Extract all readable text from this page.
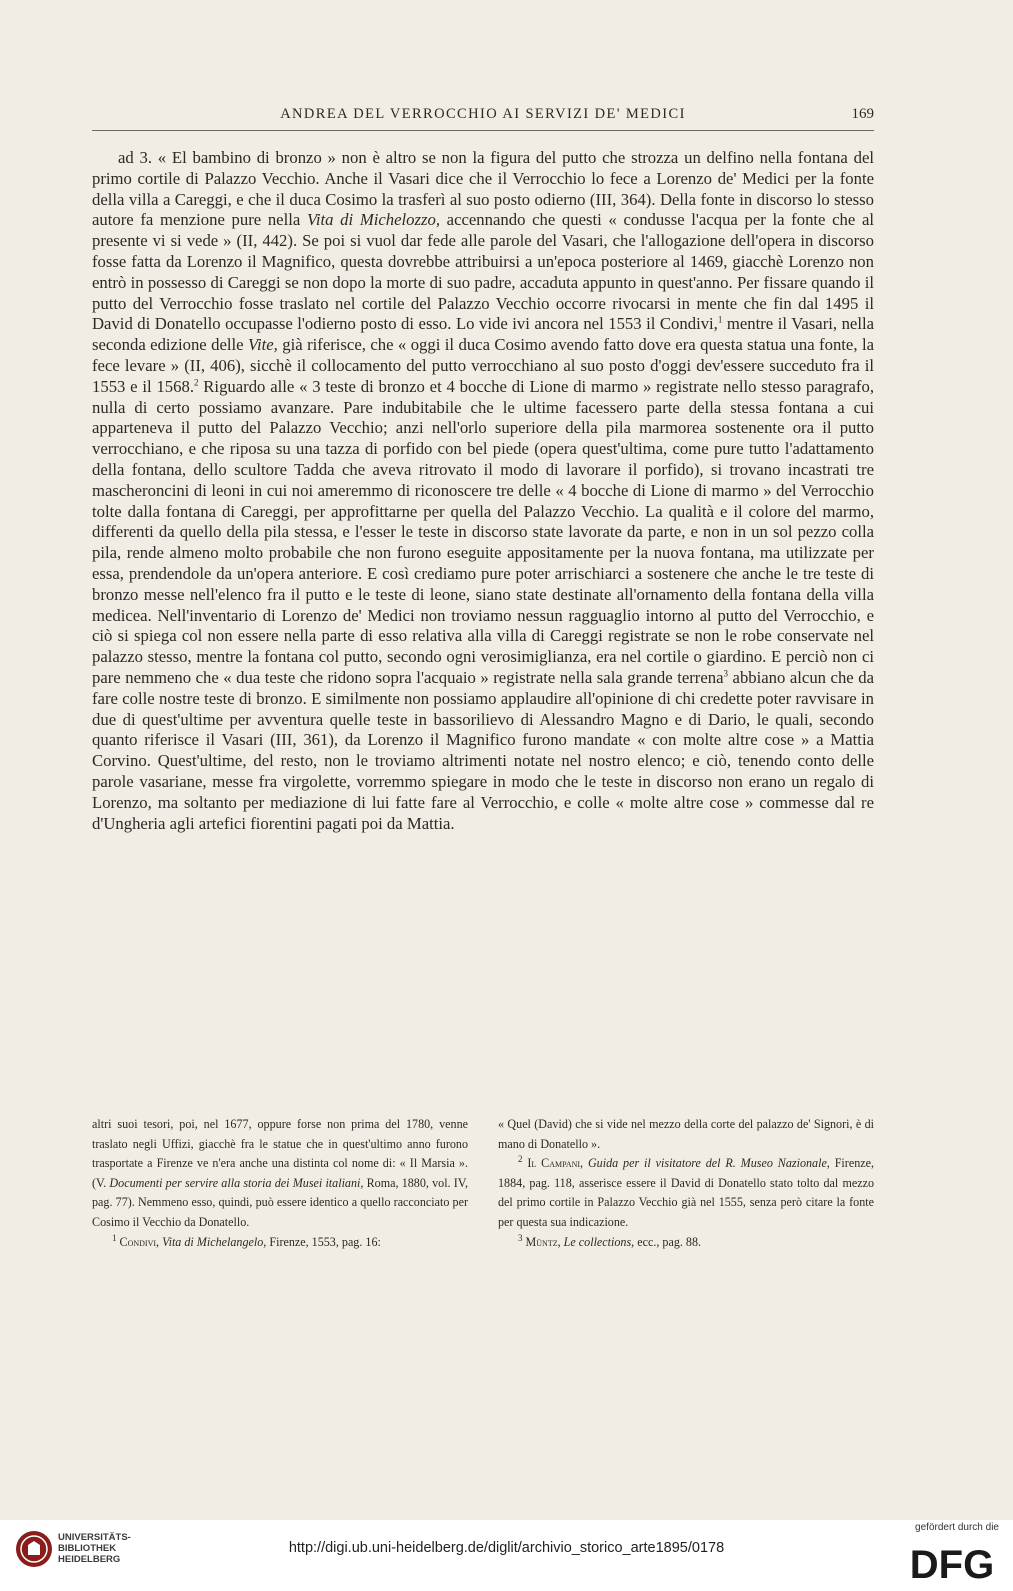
ANDREA DEL VERROCCHIO AI SERVIZI DE' MEDICI	169

ad 3. « El bambino di bronzo » non è altro se non la figura del putto che strozza un delfino nella fontana del primo cortile di Palazzo Vecchio. Anche il Vasari dice che il Verrocchio lo fece a Lorenzo de' Medici per la fonte della villa a Careggi, e che il duca Cosimo la trasferì al suo posto odierno (III, 364). Della fonte in discorso lo stesso autore fa menzione pure nella Vita di Michelozzo, accennando che questi « condusse l'acqua per la fonte che al presente vi si vede » (II, 442). Se poi si vuol dar fede alle parole del Vasari, che l'allogazione dell'opera in discorso fosse fatta da Lorenzo il Magnifico, questa dovrebbe attribuirsi a un'epoca posteriore al 1469, giacchè Lorenzo non entrò in possesso di Careggi se non dopo la morte di suo padre, accaduta appunto in quest'anno. Per fissare quando il putto del Verrocchio fosse traslato nel cortile del Palazzo Vecchio occorre rivocarsi in mente che fin dal 1495 il David di Donatello occupasse l'odierno posto di esso. Lo vide ivi ancora nel 1553 il Condivi,$^1$ mentre il Vasari, nella seconda edizione delle Vite, già riferisce, che « oggi il duca Cosimo avendo fatto dove era questa statua una fonte, la fece levare » (II, 406), sicchè il collocamento del putto verrocchiano al suo posto d'oggi dev'essere succeduto fra il 1553 e il 1568.$^2$ Riguardo alle « 3 teste di bronzo et 4 bocche di Lione di marmo » registrate nello stesso paragrafo, nulla di certo possiamo avanzare. Pare indubitabile che le ultime facessero parte della stessa fontana a cui apparteneva il putto del Palazzo Vecchio; anzi nell'orlo superiore della pila marmorea sostenente ora il putto verrocchiano, e che riposa su una tazza di porfido con bel piede (opera quest'ultima, come pure tutto l'adattamento della fontana, dello scultore Tadda che aveva ritrovato il modo di lavorare il porfido), si trovano incastrati tre mascheroncini di leoni in cui noi ameremmo di riconoscere tre delle « 4 bocche di Lione di marmo » del Verrocchio tolte dalla fontana di Careggi, per approfittarne per quella del Palazzo Vecchio. La qualità e il colore del marmo, differenti da quello della pila stessa, e l'esser le teste in discorso state lavorate da parte, e non in un sol pezzo colla pila, rende almeno molto probabile che non furono eseguite appositamente per la nuova fontana, ma utilizzate per essa, prendendole da un'opera anteriore. E così crediamo pure poter arrischiarci a sostenere che anche le tre teste di bronzo messe nell'elenco fra il putto e le teste di leone, siano state destinate all'ornamento della fontana della villa medicea. Nell'inventario di Lorenzo de' Medici non troviamo nessun ragguaglio intorno al putto del Verrocchio, e ciò si spiega col non essere nella parte di esso relativa alla villa di Careggi registrate se non le robe conservate nel palazzo stesso, mentre la fontana col putto, secondo ogni verosimiglianza, era nel cortile o giardino. E perciò non ci pare nemmeno che « dua teste che ridono sopra l'acquaio » registrate nella sala grande terrena$^3$ abbiano alcun che da fare colle nostre teste di bronzo. E similmente non possiamo applaudire all'opinione di chi credette poter ravvisare in due di quest'ultime per avventura quelle teste in bassorilievo di Alessandro Magno e di Dario, le quali, secondo quanto riferisce il Vasari (III, 361), da Lorenzo il Magnifico furono mandate « con molte altre cose » a Mattia Corvino. Quest'ultime, del resto, non le troviamo altrimenti notate nel nostro elenco; e ciò, tenendo conto delle parole vasariane, messe fra virgolette, vorremmo spiegare in modo che le teste in discorso non erano un regalo di Lorenzo, ma soltanto per mediazione di lui fatte fare al Verrocchio, e colle « molte altre cose » commesse dal re d'Ungheria agli artefici fiorentini pagati poi da Mattia.

altri suoi tesori, poi, nel 1677, oppure forse non prima del 1780, venne traslato negli Uffizi, giacchè fra le statue che in quest'ultimo anno furono trasportate a Firenze ve n'era anche una distinta col nome di: « Il Marsia ». (V. Documenti per servire alla storia dei Musei italiani, Roma, 1880, vol. IV, pag. 77). Nemmeno esso, quindi, può essere identico a quello racconciato per Cosimo il Vecchio da Donatello.

$^1$ Condivi, Vita di Michelangelo, Firenze, 1553, pag. 16:

« Quel (David) che si vide nel mezzo della corte del palazzo de' Signori, è di mano di Donatello ».

$^2$ Il Campani, Guida per il visitatore del R. Museo Nazionale, Firenze, 1884, pag. 118, asserisce essere il David di Donatello stato tolto dal mezzo del primo cortile in Palazzo Vecchio già nel 1555, senza però citare la fonte per questa sua indicazione.

$^3$ Müntz, Le collections, ecc., pag. 88.

UNIVERSITÄTS-
BIBLIOTHEK
HEIDELBERG
http://digi.ub.uni-heidelberg.de/diglit/archivio_storico_arte1895/0178
gefördert durch die
DFG
